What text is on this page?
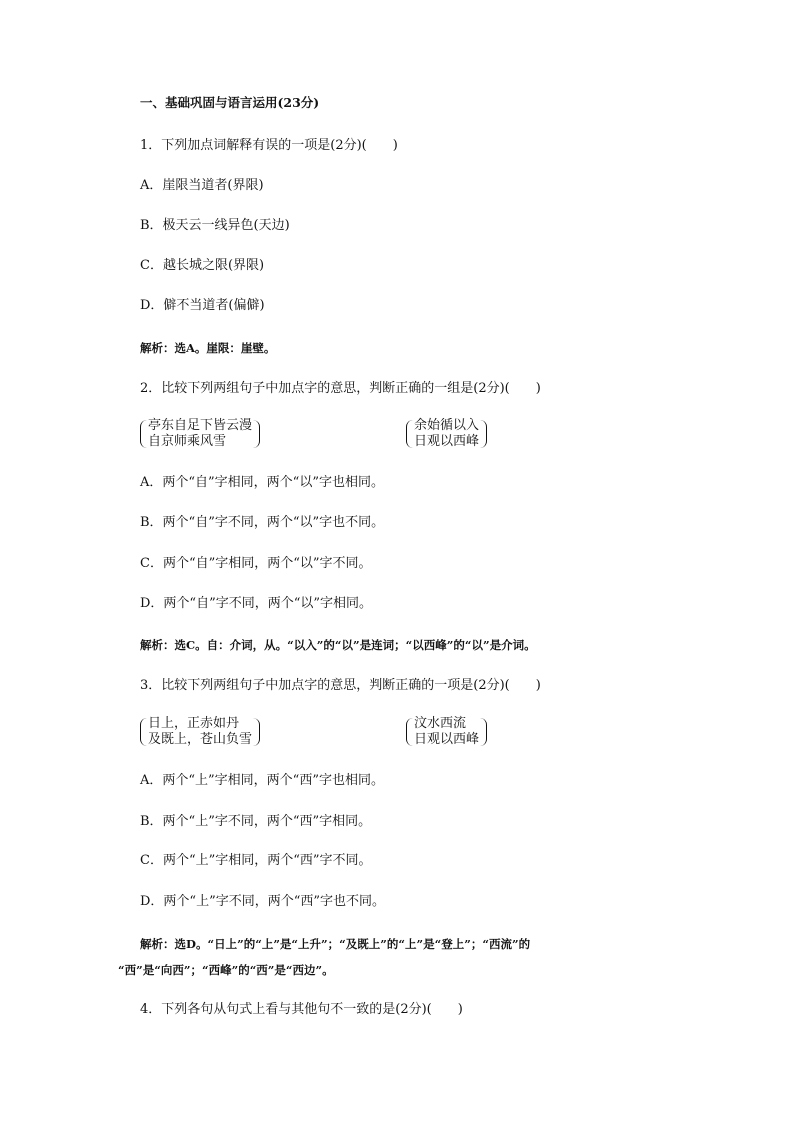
一、基础巩固与语言运用(23分)
1．下列加点词解释有误的一项是(2分)(　　)
A．崖限当道者(界限)
B．极天云一线异色(天边)
C．越长城之限(界限)
D．僻不当道者(偏僻)
解析：选A。崖限：崖壁。
2．比较下列两组句子中加点字的意思，判断正确的一组是(2分)(　　)
亭东自足下皆云漫
自京师乘风雪
余始循以入
日观以西峰
A．两个“自”字相同，两个“以”字也相同。
B．两个“自”字不同，两个“以”字也不同。
C．两个“自”字相同，两个“以”字不同。
D．两个“自”字不同，两个“以”字相同。
解析：选C。自：介词，从。“以入”的“以”是连词；“以西峰”的“以”是介词。
3．比较下列两组句子中加点字的意思，判断正确的一项是(2分)(　　)
日上，正赤如丹
及既上，苍山负雪
汶水西流
日观以西峰
A．两个“上”字相同，两个“西”字也相同。
B．两个“上”字不同，两个“西”字相同。
C．两个“上”字相同，两个“西”字不同。
D．两个“上”字不同，两个“西”字也不同。
解析：选D。“日上”的“上”是“上升”；“及既上”的“上”是“登上”；“西流”的
“西”是“向西”；“西峰”的“西”是“西边”。
4．下列各句从句式上看与其他句不一致的是(2分)(　　)
